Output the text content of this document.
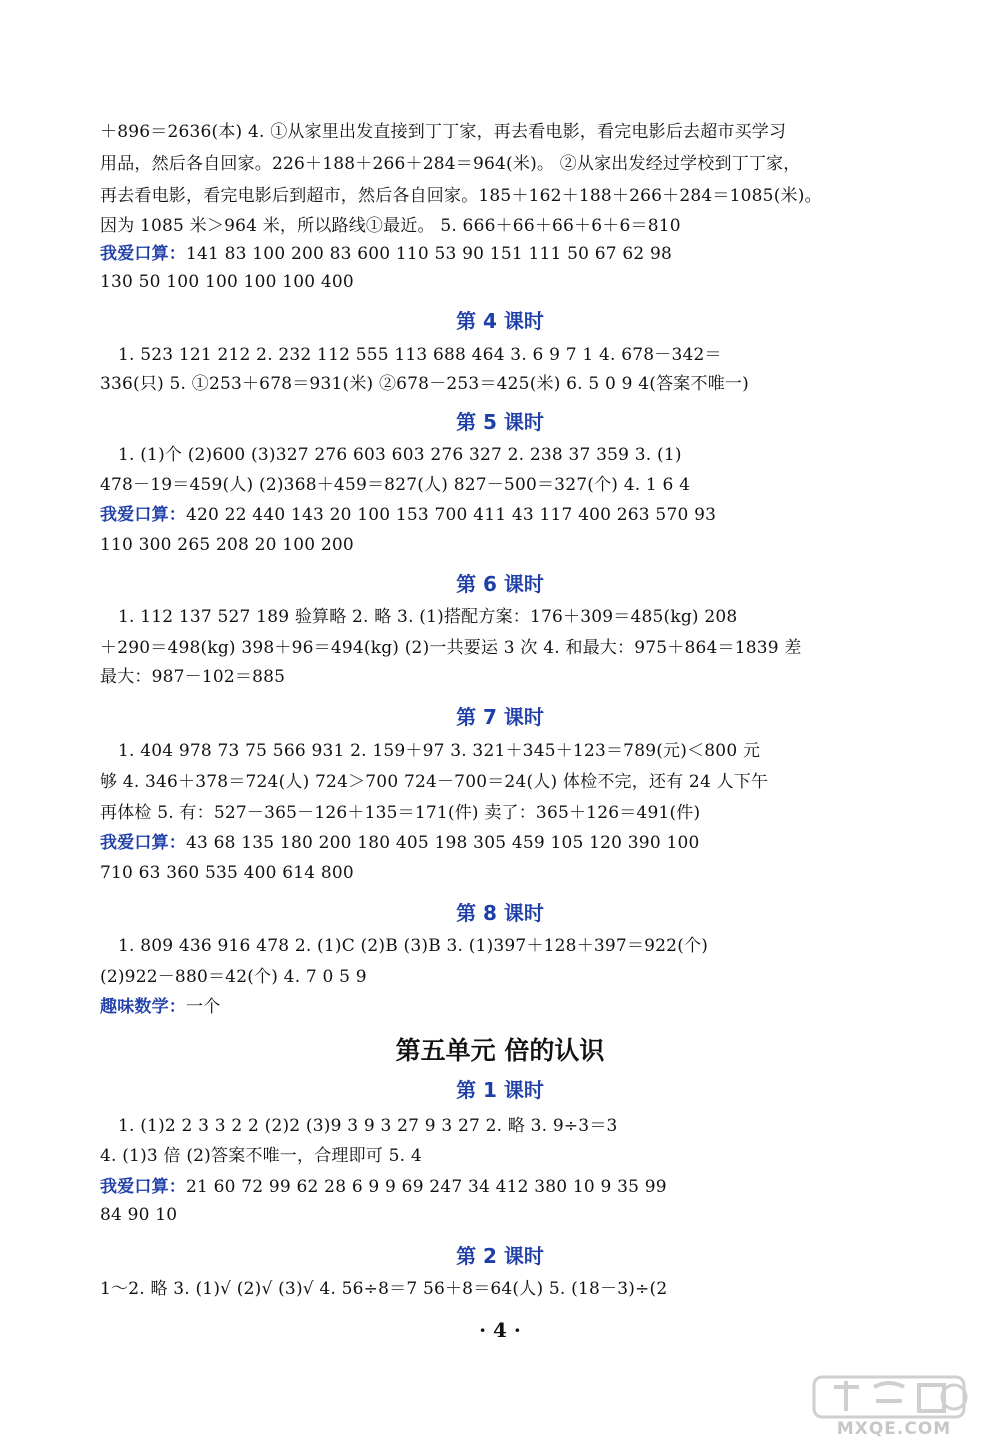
＋896＝2636(本) 4. ①从家里出发直接到丁丁家，再去看电影，看完电影后去超市买学习
用品，然后各自回家。226＋188＋266＋284＝964(米)。 ②从家出发经过学校到丁丁家，
再去看电影，看完电影后到超市，然后各自回家。185＋162＋188＋266＋284＝1085(米)。
因为 1085 米＞964 米，所以路线①最近。 5. 666＋66＋66＋6＋6＝810
我爱口算：141 83 100 200 83 600 110 53 90 151 111 50 67 62 98
130 50 100 100 100 100 400
第 4 课时
1. 523 121 212 2. 232 112 555 113 688 464 3. 6 9 7 1 4. 678－342＝
336(只) 5. ①253＋678＝931(米) ②678－253＝425(米) 6. 5 0 9 4(答案不唯一)
第 5 课时
1. (1)个 (2)600 (3)327 276 603 603 276 327 2. 238 37 359 3. (1)
478－19＝459(人) (2)368＋459＝827(人) 827－500＝327(个) 4. 1 6 4
我爱口算：420 22 440 143 20 100 153 700 411 43 117 400 263 570 93
110 300 265 208 20 100 200
第 6 课时
1. 112 137 527 189 验算略 2. 略 3. (1)搭配方案：176＋309＝485(kg) 208
＋290＝498(kg) 398＋96＝494(kg) (2)一共要运 3 次 4. 和最大：975＋864＝1839 差
最大：987－102＝885
第 7 课时
1. 404 978 73 75 566 931 2. 159＋97 3. 321＋345＋123＝789(元)＜800 元
够 4. 346＋378＝724(人) 724＞700 724－700＝24(人) 体检不完，还有 24 人下午
再体检 5. 有：527－365－126＋135＝171(件) 卖了：365＋126＝491(件)
我爱口算：43 68 135 180 200 180 405 198 305 459 105 120 390 100
710 63 360 535 400 614 800
第 8 课时
1. 809 436 916 478 2. (1)C (2)B (3)B 3. (1)397＋128＋397＝922(个)
(2)922－880＝42(个) 4. 7 0 5 9
趣味数学：一个
第五单元 倍的认识
第 1 课时
1. (1)2 2 3 3 2 2 (2)2 (3)9 3 9 3 27 9 3 27 2. 略 3. 9÷3＝3
4. (1)3 倍 (2)答案不唯一，合理即可 5. 4
我爱口算：21 60 72 99 62 28 6 9 9 69 247 34 412 380 10 9 35 99
84 90 10
第 2 课时
1～2. 略 3. (1)√ (2)√ (3)√ 4. 56÷8＝7 56＋8＝64(人) 5. (18－3)÷(2
· 4 ·
MXQE.COM
